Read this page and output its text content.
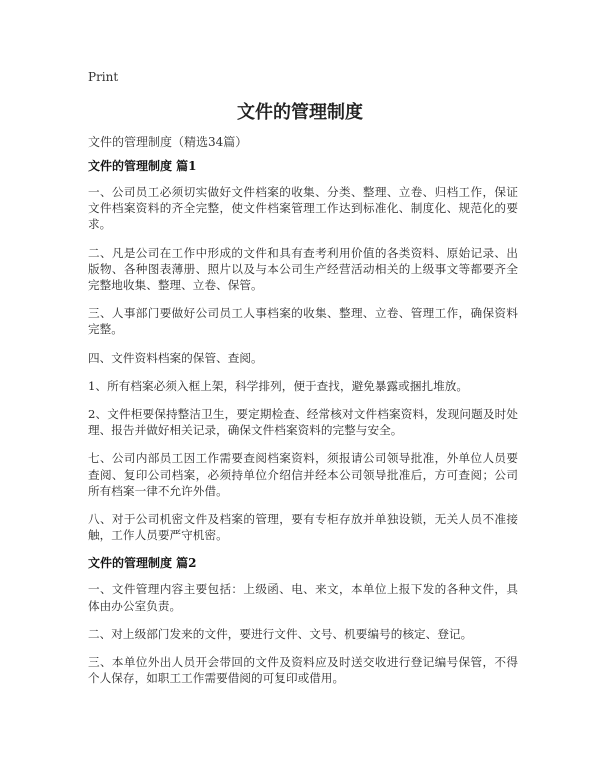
Print
文件的管理制度
文件的管理制度（精选34篇）
文件的管理制度 篇1

一、公司员工必须切实做好文件档案的收集、分类、整理、立卷、归档工作，保证文件档案资料的齐全完整，使文件档案管理工作达到标准化、制度化、规范化的要求。

二、凡是公司在工作中形成的文件和具有查考利用价值的各类资料、原始记录、出版物、各种图表薄册、照片以及与本公司生产经营活动相关的上级事文等都要齐全完整地收集、整理、立卷、保管。

三、人事部门要做好公司员工人事档案的收集、整理、立卷、管理工作，确保资料完整。

四、文件资料档案的保管、查阅。

1、所有档案必须入框上架，科学排列，便于查找，避免暴露或捆扎堆放。

2、文件柜要保持整洁卫生，要定期检查、经常核对文件档案资料，发现问题及时处理、报告并做好相关记录，确保文件档案资料的完整与安全。

七、公司内部员工因工作需要查阅档案资料，须报请公司领导批准，外单位人员要查阅、复印公司档案，必须持单位介绍信并经本公司领导批准后，方可查阅；公司所有档案一律不允许外借。

八、对于公司机密文件及档案的管理，要有专柜存放并单独设锁，无关人员不准接触，工作人员要严守机密。

文件的管理制度 篇2

一、文件管理内容主要包括：上级函、电、来文，本单位上报下发的各种文件，具体由办公室负责。

二、对上级部门发来的文件，要进行文件、文号、机要编号的核定、登记。

三、本单位外出人员开会带回的文件及资料应及时送交收进行登记编号保管，不得个人保存，如职工工作需要借阅的可复印或借用。
